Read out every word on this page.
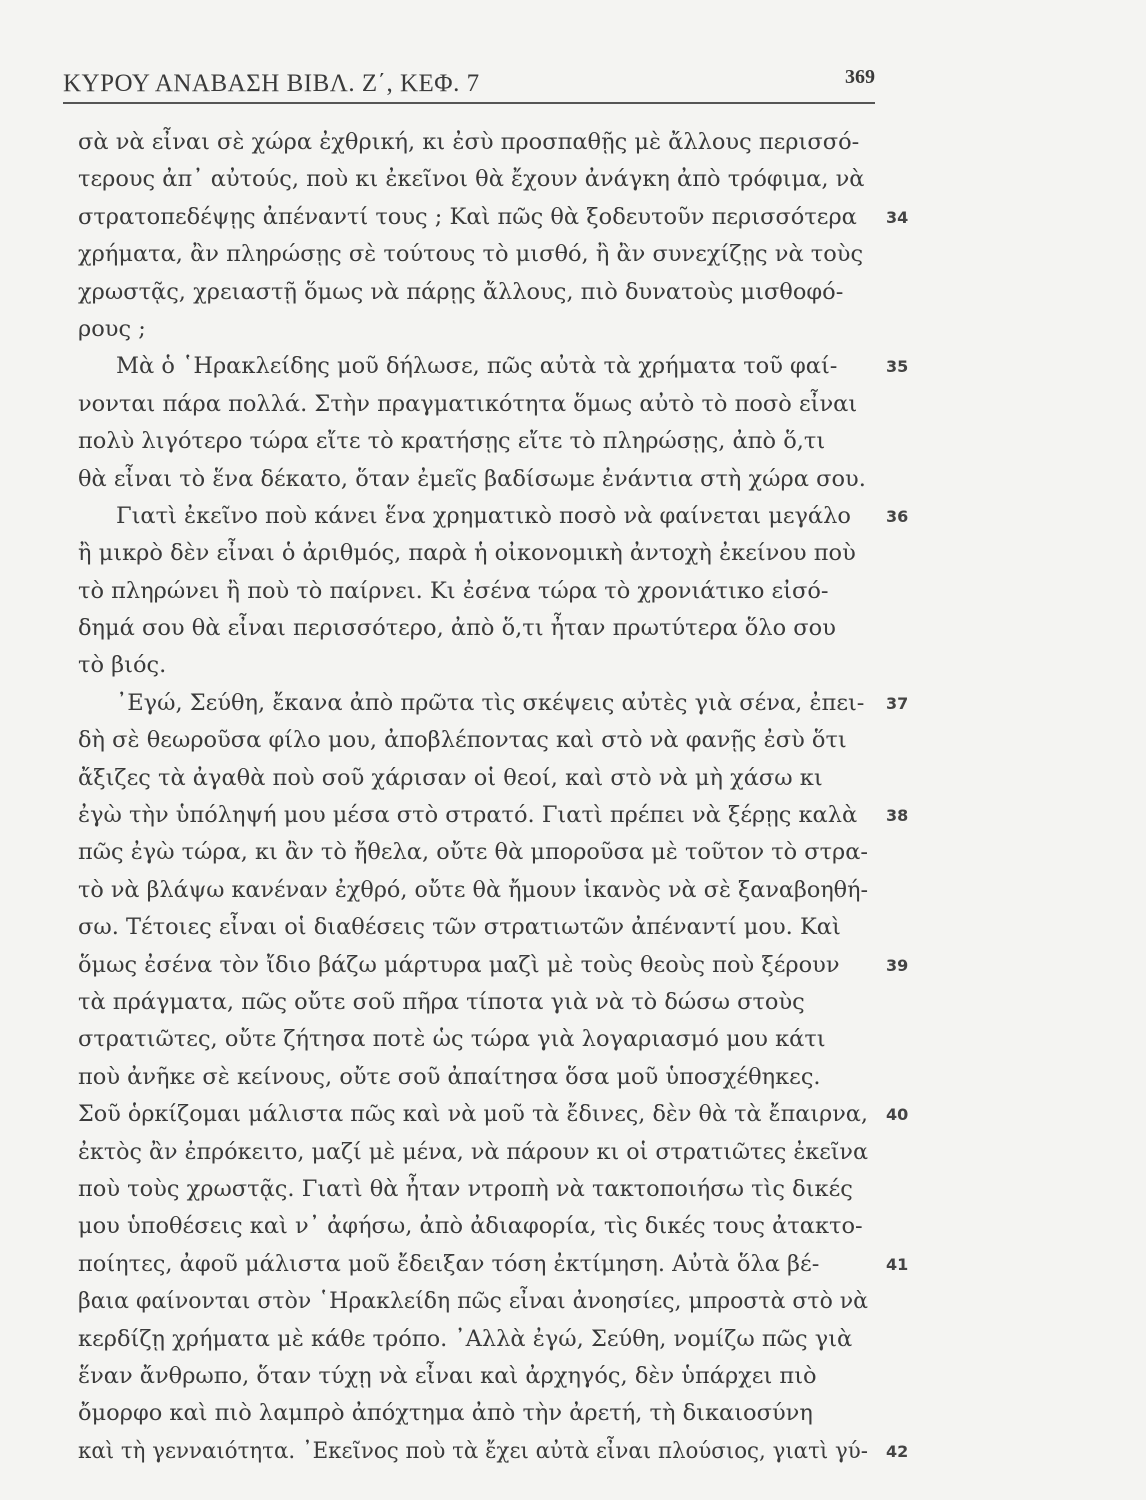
ΚΥΡΟΥ ΑΝΑΒΑΣΗ ΒΙΒΛ. Ζ΄, ΚΕΦ. 7	369
σὰ νὰ εἶναι σὲ χώρα ἐχθρική, κι ἐσὺ προσπαθῇς μὲ ἄλλους περισσό-
τερους ἀπ᾿ αὐτούς, ποὺ κι ἐκεῖνοι θὰ ἔχουν ἀνάγκη ἀπὸ τρόφιμα, νὰ
στρατοπεδέψῃς ἀπέναντί τους ; Καὶ πῶς θὰ ξοδευτοῦν περισσότερα 34
χρήματα, ἂν πληρώσῃς σὲ τούτους τὸ μισθό, ἢ ἂν συνεχίζῃς νὰ τοὺς
χρωστᾷς, χρειαστῇ ὅμως νὰ πάρῃς ἄλλους, πιὸ δυνατοὺς μισθοφό-
ρους ;
Μὰ ὁ ῾Ηρακλείδης μοῦ δήλωσε, πῶς αὐτὰ τὰ χρήματα τοῦ φαί-	35
νονται πάρα πολλά. Στὴν πραγματικότητα ὅμως αὐτὸ τὸ ποσὸ εἶναι
πολὺ λιγότερο τώρα εἴτε τὸ κρατήσῃς εἴτε τὸ πληρώσῃς, ἀπὸ ὅ,τι
θὰ εἶναι τὸ ἕνα δέκατο, ὅταν ἐμεῖς βαδίσωμε ἐνάντια στὴ χώρα σου.
Γιατὶ ἐκεῖνο ποὺ κάνει ἕνα χρηματικὸ ποσὸ νὰ φαίνεται μεγάλο 36
ἢ μικρὸ δὲν εἶναι ὁ ἀριθμός, παρὰ ἡ οἰκονομικὴ ἀντοχὴ ἐκείνου ποὺ
τὸ πληρώνει ἢ ποὺ τὸ παίρνει. Κι ἐσένα τώρα τὸ χρονιάτικο εἰσό-
δημά σου θὰ εἶναι περισσότερο, ἀπὸ ὅ,τι ἦταν πρωτύτερα ὅλο σου
τὸ βιός.
᾿Εγώ, Σεύθη, ἔκανα ἀπὸ πρῶτα τὶς σκέψεις αὐτὲς γιὰ σένα, ἐπει- 37
δὴ σὲ θεωροῦσα φίλο μου, ἀποβλέποντας καὶ στὸ νὰ φανῇς ἐσὺ ὅτι
ἄξιζες τὰ ἀγαθὰ ποὺ σοῦ χάρισαν οἱ θεοί, καὶ στὸ νὰ μὴ χάσω κι
ἐγὼ τὴν ὑπόληψή μου μέσα στὸ στρατό. Γιατὶ πρέπει νὰ ξέρῃς καλὰ 38
πῶς ἐγὼ τώρα, κι ἂν τὸ ἤθελα, οὔτε θὰ μποροῦσα μὲ τοῦτον τὸ στρα-
τὸ νὰ βλάψω κανέναν ἐχθρό, οὔτε θὰ ἤμουν ἱκανὸς νὰ σὲ ξαναβοηθή-
σω. Τέτοιες εἶναι οἱ διαθέσεις τῶν στρατιωτῶν ἀπέναντί μου. Καὶ
ὅμως ἐσένα τὸν ἴδιο βάζω μάρτυρα μαζὶ μὲ τοὺς θεοὺς ποὺ ξέρουν	39
τὰ πράγματα, πῶς οὔτε σοῦ πῆρα τίποτα γιὰ νὰ τὸ δώσω στοὺς
στρατιῶτες, οὔτε ζήτησα ποτὲ ὡς τώρα γιὰ λογαριασμό μου κάτι
ποὺ ἀνῆκε σὲ κείνους, οὔτε σοῦ ἀπαίτησα ὅσα μοῦ ὑποσχέθηκες.
Σοῦ ὁρκίζομαι μάλιστα πῶς καὶ νὰ μοῦ τὰ ἔδινες, δὲν θὰ τὰ ἔπαιρνα, 40
ἐκτὸς ἂν ἐπρόκειτο, μαζί μὲ μένα, νὰ πάρουν κι οἱ στρατιῶτες ἐκεῖνα
ποὺ τοὺς χρωστᾷς. Γιατὶ θὰ ἦταν ντροπὴ νὰ τακτοποιήσω τὶς δικές
μου ὑποθέσεις καὶ ν᾿ ἀφήσω, ἀπὸ ἀδιαφορία, τὶς δικές τους ἀτακτο-
ποίητες, ἀφοῦ μάλιστα μοῦ ἔδειξαν τόση ἐκτίμηση. Αὐτὰ ὅλα βέ-	41
βαια φαίνονται στὸν ῾Ηρακλείδη πῶς εἶναι ἀνοησίες, μπροστὰ στὸ νὰ
κερδίζῃ χρήματα μὲ κάθε τρόπο. ᾿Αλλὰ ἐγώ, Σεύθη, νομίζω πῶς γιὰ
ἕναν ἄνθρωπο, ὅταν τύχῃ νὰ εἶναι καὶ ἀρχηγός, δὲν ὑπάρχει πιὸ
ὄμορφο καὶ πιὸ λαμπρὸ ἀπόχτημα ἀπὸ τὴν ἀρετή, τὴ δικαιοσύνη
καὶ τὴ γενναιότητα. ᾿Εκεῖνος ποὺ τὰ ἔχει αὐτὰ εἶναι πλούσιος, γιατὶ γύ- 42
